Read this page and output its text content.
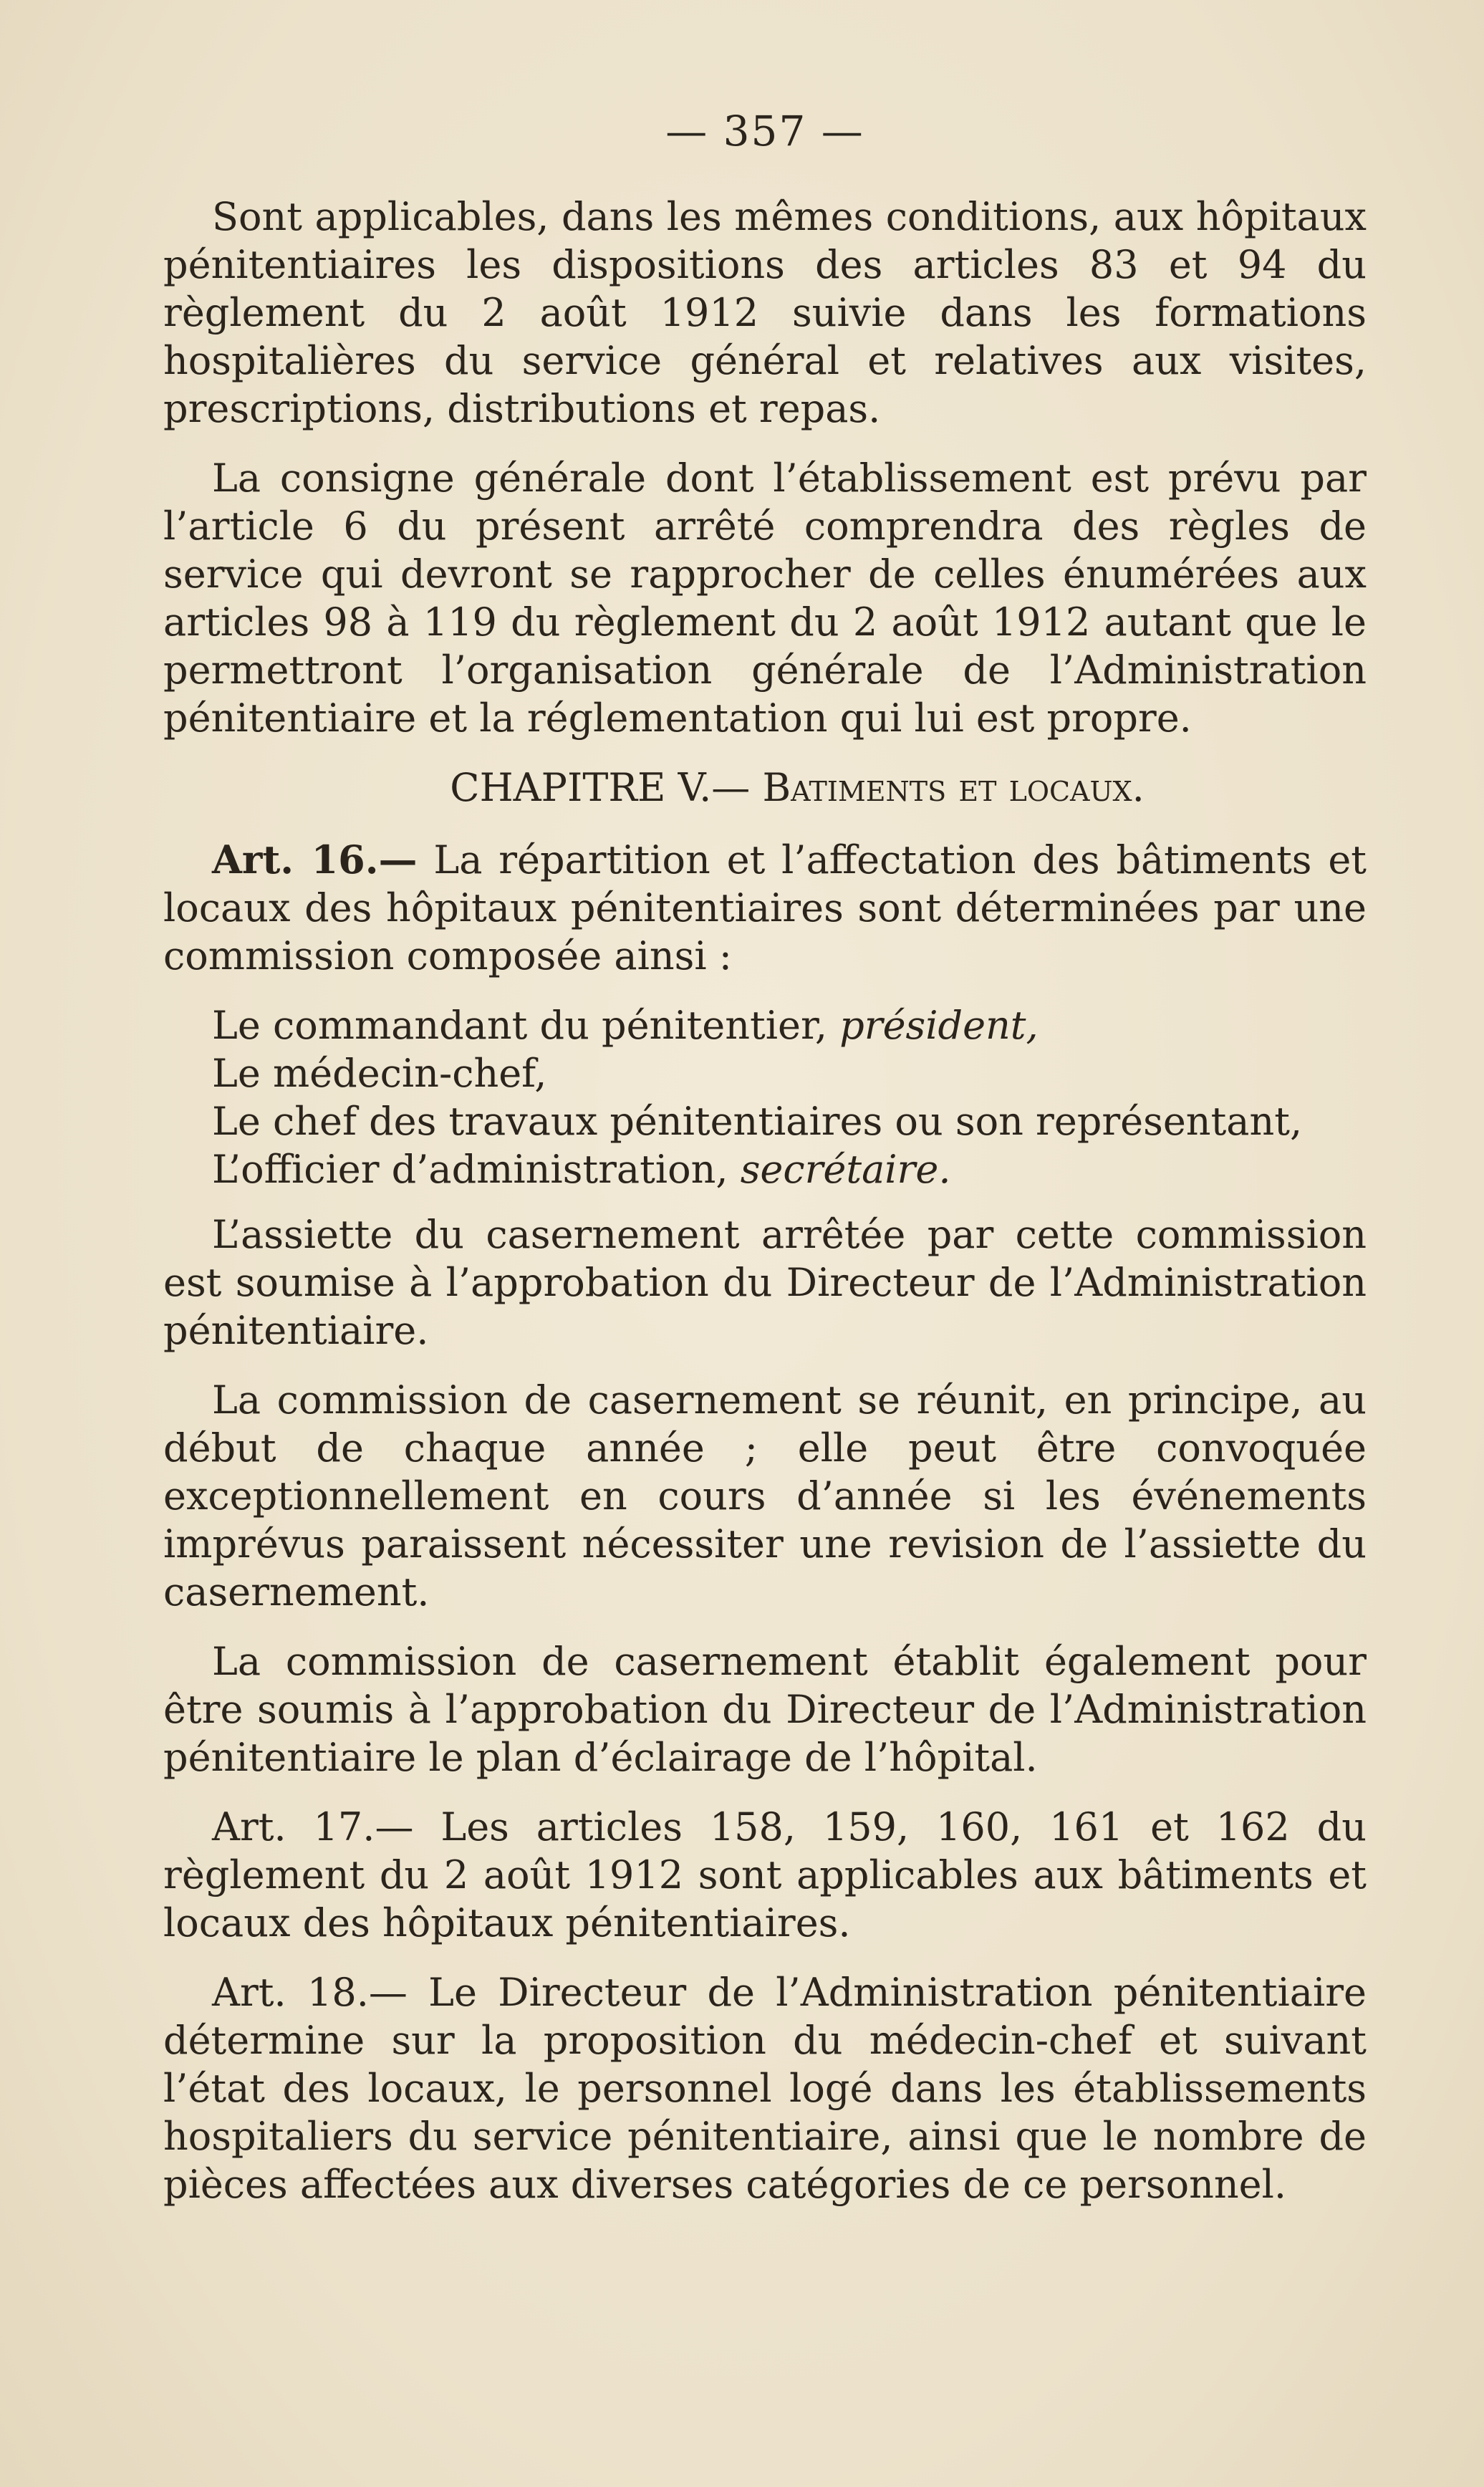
— 357 —

Sont applicables, dans les mêmes conditions, aux hôpitaux pénitentiaires les dispositions des articles 83 et 94 du règlement du 2 août 1912 suivie dans les formations hospitalières du service général et relatives aux visites, prescriptions, distributions et repas.

La consigne générale dont l’établissement est prévu par l’article 6 du présent arrêté comprendra des règles de service qui devront se rapprocher de celles énumérées aux articles 98 à 119 du règlement du 2 août 1912 autant que le permettront l’organisation générale de l’Administration pénitentiaire et la réglementation qui lui est propre.

CHAPITRE V.— Batiments et locaux.

Art. 16.— La répartition et l’affectation des bâtiments et locaux des hôpitaux pénitentiaires sont déterminées par une commission composée ainsi :

Le commandant du pénitentier, président,

Le médecin-chef,

Le chef des travaux pénitentiaires ou son représentant,

L’officier d’administration, secrétaire.

L’assiette du casernement arrêtée par cette commission est soumise à l’approbation du Directeur de l’Administration pénitentiaire.

La commission de casernement se réunit, en principe, au début de chaque année ; elle peut être convoquée exceptionnellement en cours d’année si les événements imprévus paraissent nécessiter une revision de l’assiette du casernement.

La commission de casernement établit également pour être soumis à l’approbation du Directeur de l’Administration pénitentiaire le plan d’éclairage de l’hôpital.

Art. 17.— Les articles 158, 159, 160, 161 et 162 du règlement du 2 août 1912 sont applicables aux bâtiments et locaux des hôpitaux pénitentiaires.

Art. 18.— Le Directeur de l’Administration pénitentiaire détermine sur la proposition du médecin-chef et suivant l’état des locaux, le personnel logé dans les établissements hospitaliers du service pénitentiaire, ainsi que le nombre de pièces affectées aux diverses catégories de ce personnel.
